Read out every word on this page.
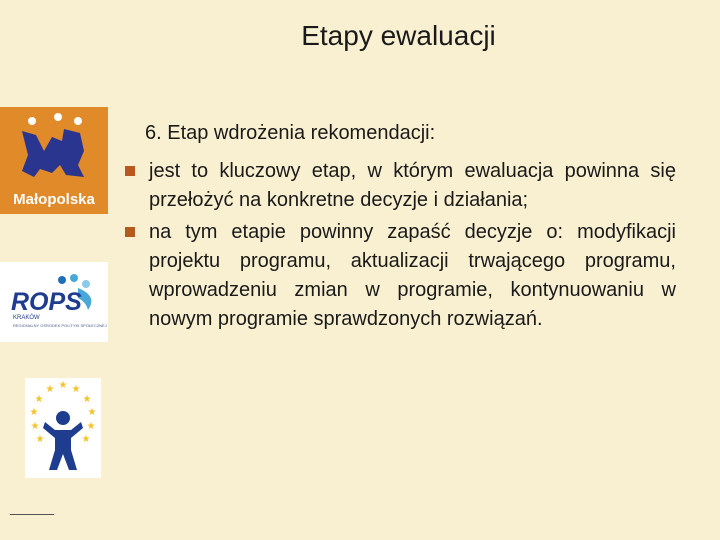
Etapy ewaluacji
Małopolska
ROPS
KRAKÓW
REGIONALNY OŚRODEK POLITYKI SPOŁECZNEJ
★
★ ★
★	★
★	★
★	★
★	★
6. Etap wdrożenia rekomendacji:
jest to kluczowy etap, w którym ewaluacja powinna się przełożyć na konkretne decyzje i działania;
na tym etapie powinny zapaść decyzje o: modyfikacji projektu programu, aktualizacji trwającego programu, wprowadzeniu zmian w programie, kontynuowaniu w nowym programie sprawdzonych rozwiązań.
